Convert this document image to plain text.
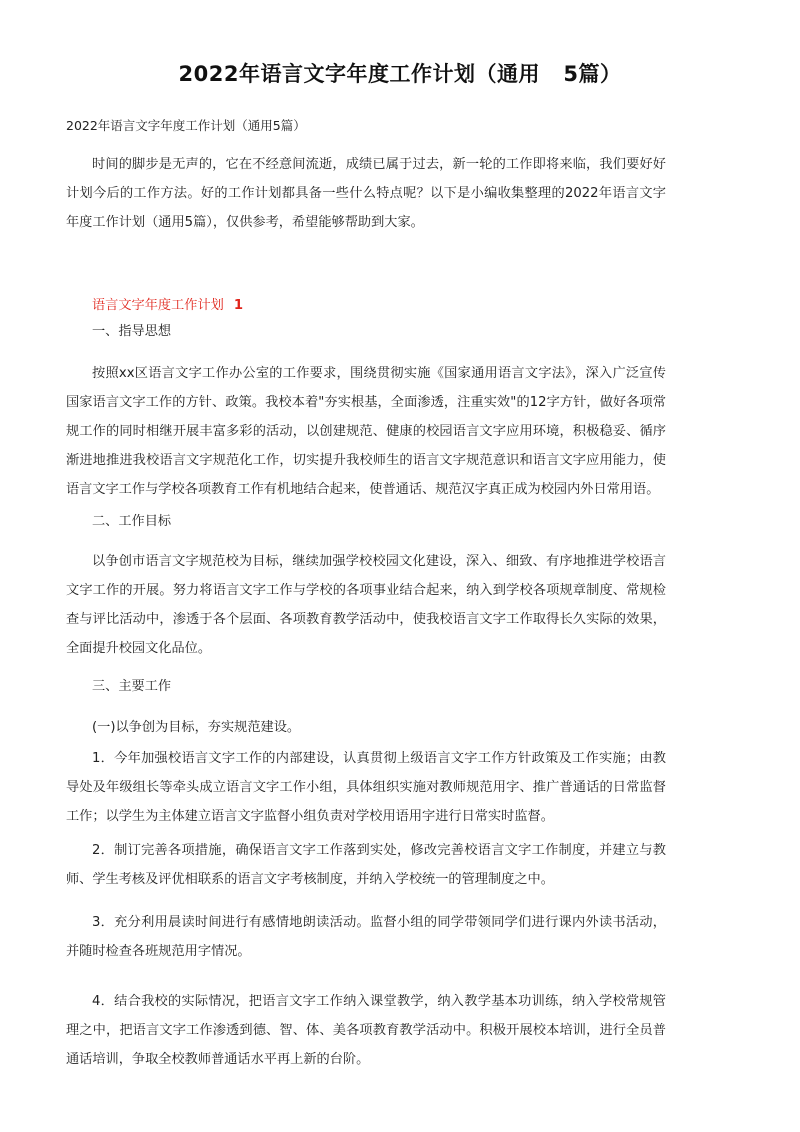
2022年语言文字年度工作计划（通用   5篇）
2022年语言文字年度工作计划（通用5篇）

时间的脚步是无声的，它在不经意间流逝，成绩已属于过去，新一轮的工作即将来临，我们要好好计划今后的工作方法。好的工作计划都具备一些什么特点呢？以下是小编收集整理的2022年语言文字年度工作计划（通用5篇），仅供参考，希望能够帮助到大家。

语言文字年度工作计划 1
一、指导思想

按照xx区语言文字工作办公室的工作要求，围绕贯彻实施《国家通用语言文字法》，深入广泛宣传国家语言文字工作的方针、政策。我校本着"夯实根基，全面渗透，注重实效"的12字方针，做好各项常规工作的同时相继开展丰富多彩的活动，以创建规范、健康的校园语言文字应用环境，积极稳妥、循序渐进地推进我校语言文字规范化工作，切实提升我校师生的语言文字规范意识和语言文字应用能力，使语言文字工作与学校各项教育工作有机地结合起来，使普通话、规范汉字真正成为校园内外日常用语。

二、工作目标

以争创市语言文字规范校为目标，继续加强学校校园文化建设，深入、细致、有序地推进学校语言文字工作的开展。努力将语言文字工作与学校的各项事业结合起来，纳入到学校各项规章制度、常规检查与评比活动中，渗透于各个层面、各项教育教学活动中，使我校语言文字工作取得长久实际的效果，全面提升校园文化品位。

三、主要工作
(一)以争创为目标，夯实规范建设。

1．今年加强校语言文字工作的内部建设，认真贯彻上级语言文字工作方针政策及工作实施；由教导处及年级组长等牵头成立语言文字工作小组，具体组织实施对教师规范用字、推广普通话的日常监督工作；以学生为主体建立语言文字监督小组负责对学校用语用字进行日常实时监督。

2．制订完善各项措施，确保语言文字工作落到实处，修改完善校语言文字工作制度，并建立与教师、学生考核及评优相联系的语言文字考核制度，并纳入学校统一的管理制度之中。

3．充分利用晨读时间进行有感情地朗读活动。监督小组的同学带领同学们进行课内外读书活动，并随时检查各班规范用字情况。

4．结合我校的实际情况，把语言文字工作纳入课堂教学，纳入教学基本功训练，纳入学校常规管理之中，把语言文字工作渗透到德、智、体、美各项教育教学活动中。积极开展校本培训，进行全员普通话培训，争取全校教师普通话水平再上新的台阶。
